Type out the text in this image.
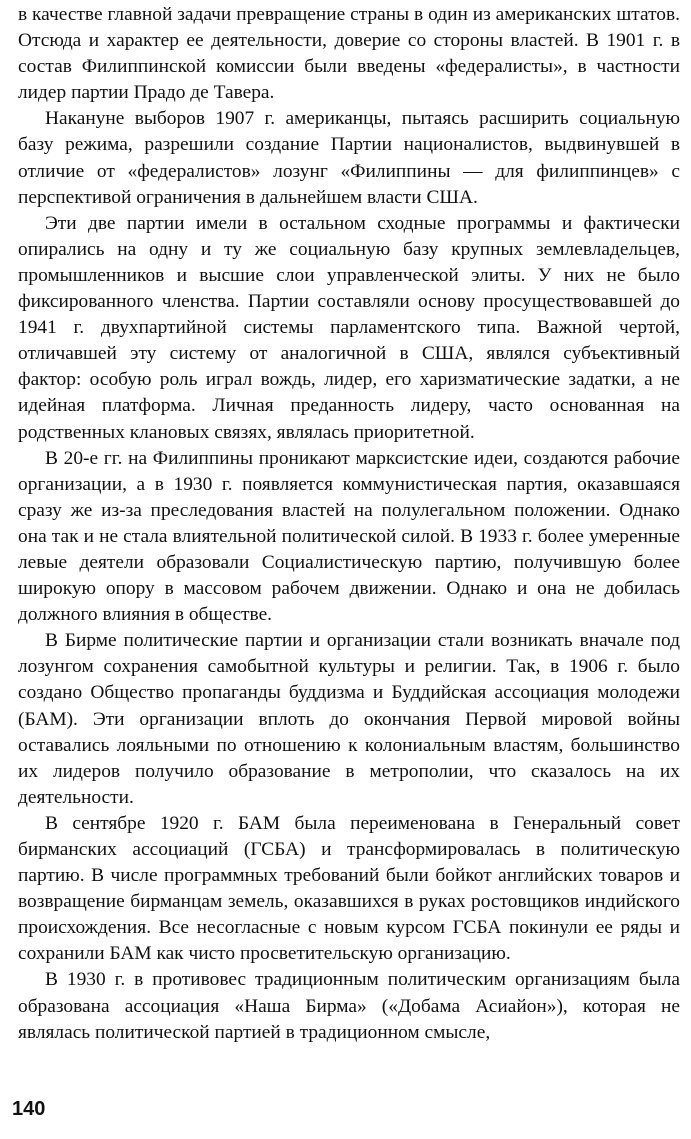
в качестве главной задачи превращение страны в один из американских штатов. Отсюда и характер ее деятельности, доверие со стороны властей. В 1901 г. в состав Филиппинской комиссии были введены «федералисты», в частности лидер партии Прадо де Тавера.

Накануне выборов 1907 г. американцы, пытаясь расширить социальную базу режима, разрешили создание Партии националистов, выдвинувшей в отличие от «федералистов» лозунг «Филиппины — для филиппинцев» с перспективой ограничения в дальнейшем власти США.

Эти две партии имели в остальном сходные программы и фактически опирались на одну и ту же социальную базу крупных землевладельцев, промышленников и высшие слои управленческой элиты. У них не было фиксированного членства. Партии составляли основу просуществовавшей до 1941 г. двухпартийной системы парламентского типа. Важной чертой, отличавшей эту систему от аналогичной в США, являлся субъективный фактор: особую роль играл вождь, лидер, его харизматические задатки, а не идейная платформа. Личная преданность лидеру, часто основанная на родственных клановых связях, являлась приоритетной.

В 20-е гг. на Филиппины проникают марксистские идеи, создаются рабочие организации, а в 1930 г. появляется коммунистическая партия, оказавшаяся сразу же из-за преследования властей на полулегальном положении. Однако она так и не стала влиятельной политической силой. В 1933 г. более умеренные левые деятели образовали Социалистическую партию, получившую более широкую опору в массовом рабочем движении. Однако и она не добилась должного влияния в обществе.

В Бирме политические партии и организации стали возникать вначале под лозунгом сохранения самобытной культуры и религии. Так, в 1906 г. было создано Общество пропаганды буддизма и Буддийская ассоциация молодежи (БАМ). Эти организации вплоть до окончания Первой мировой войны оставались лояльными по отношению к колониальным властям, большинство их лидеров получило образование в метрополии, что сказалось на их деятельности.

В сентябре 1920 г. БАМ была переименована в Генеральный совет бирманских ассоциаций (ГСБА) и трансформировалась в политическую партию. В числе программных требований были бойкот английских товаров и возвращение бирманцам земель, оказавшихся в руках ростовщиков индийского происхождения. Все несогласные с новым курсом ГСБА покинули ее ряды и сохранили БАМ как чисто просветительскую организацию.

В 1930 г. в противовес традиционным политическим организациям была образована ассоциация «Наша Бирма» («Добама Асиайон»), которая не являлась политической партией в традиционном смысле,

140
